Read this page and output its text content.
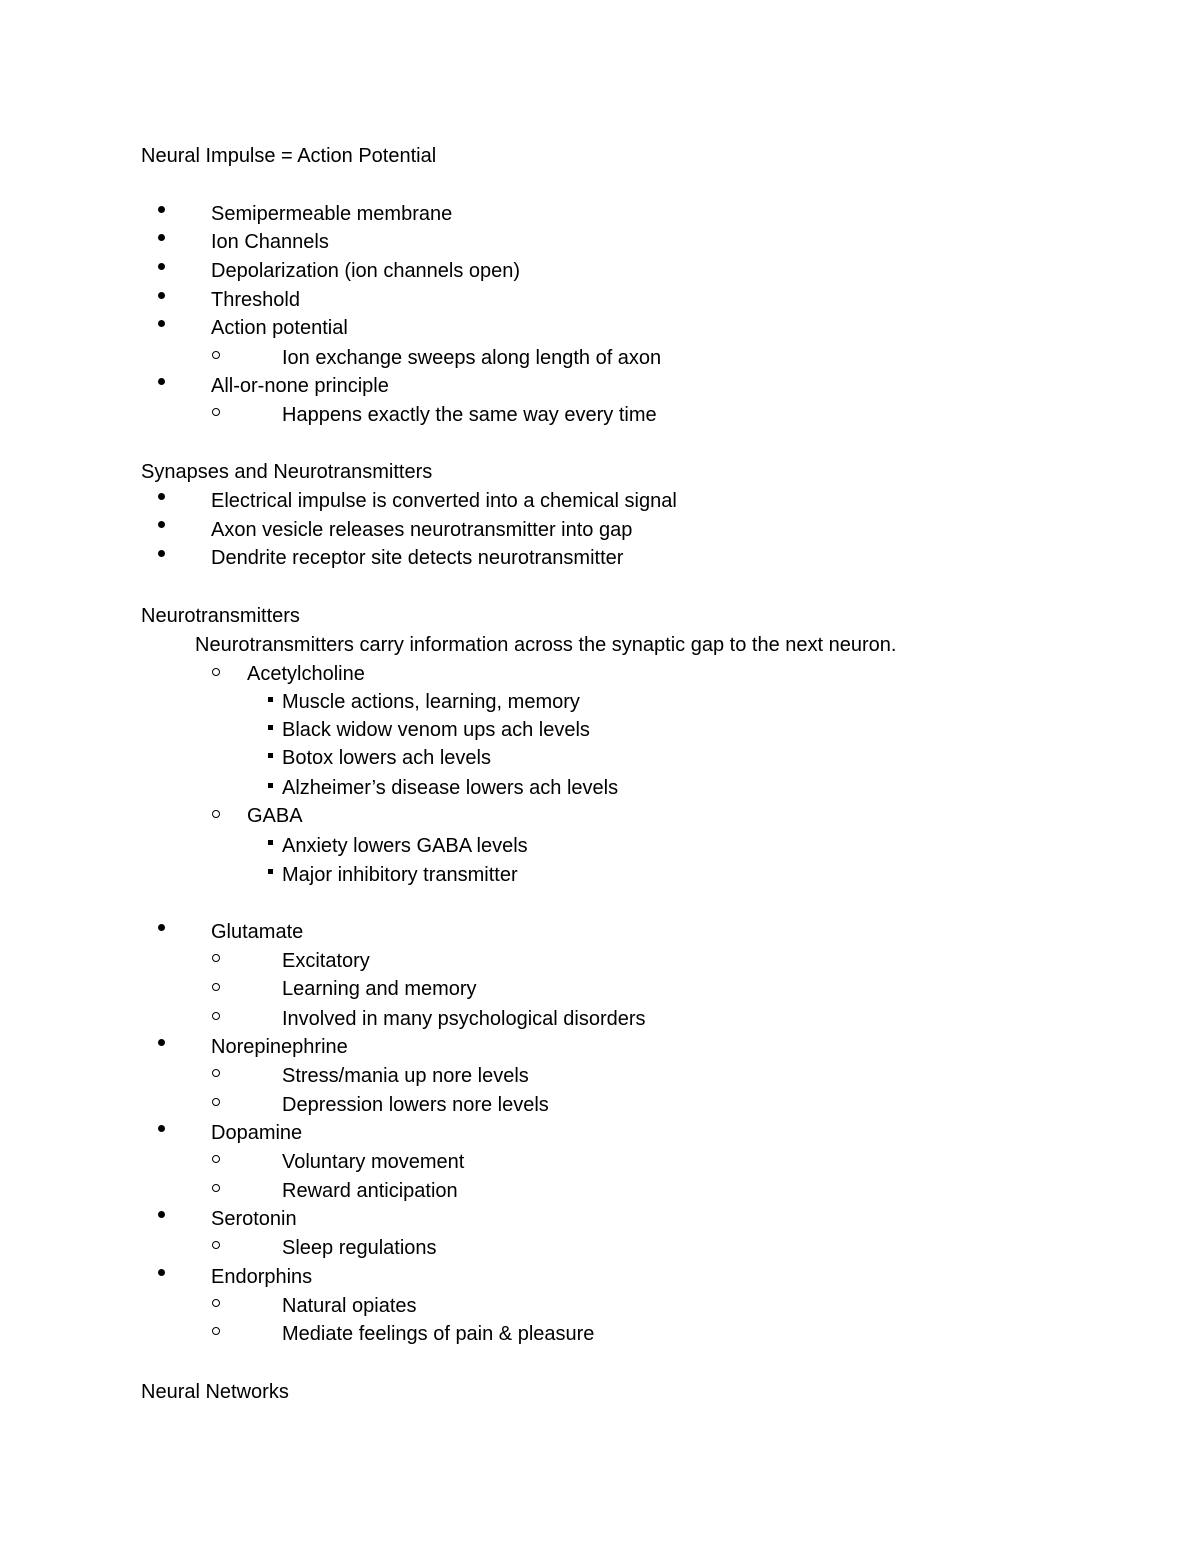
Neural Impulse = Action Potential
Semipermeable membrane
Ion Channels
Depolarization (ion channels open)
Threshold
Action potential
Ion exchange sweeps along length of axon
All-or-none principle
Happens exactly the same way every time
Synapses and Neurotransmitters
Electrical impulse is converted into a chemical signal
Axon vesicle releases neurotransmitter into gap
Dendrite receptor site detects neurotransmitter
Neurotransmitters
Neurotransmitters carry information across the synaptic gap to the next neuron.
Acetylcholine
Muscle actions, learning, memory
Black widow venom ups ach levels
Botox lowers ach levels
Alzheimer’s disease lowers ach levels
GABA
Anxiety lowers GABA levels
Major inhibitory transmitter
Glutamate
Excitatory
Learning and memory
Involved in many psychological disorders
Norepinephrine
Stress/mania up nore levels
Depression lowers nore levels
Dopamine
Voluntary movement
Reward anticipation
Serotonin
Sleep regulations
Endorphins
Natural opiates
Mediate feelings of pain & pleasure
Neural Networks
